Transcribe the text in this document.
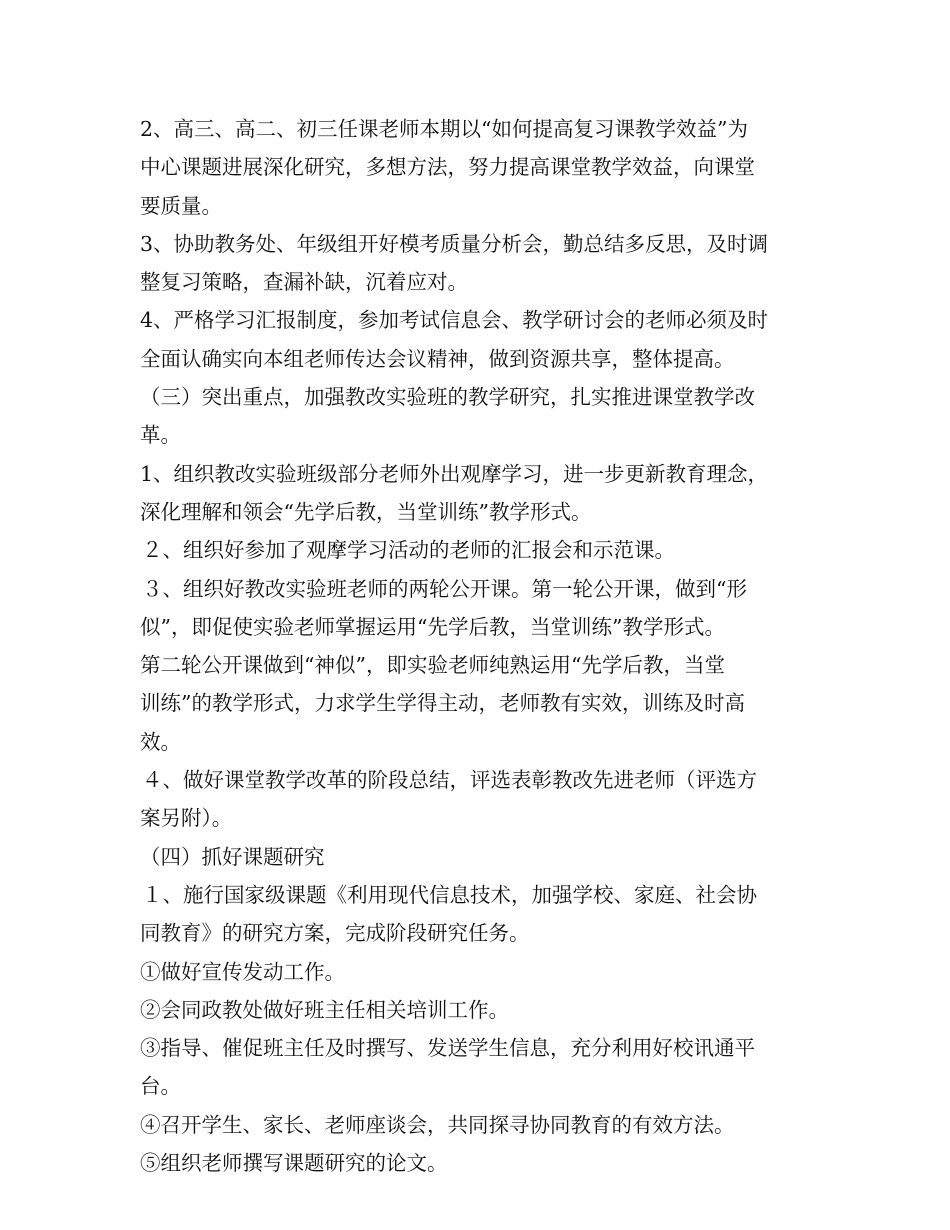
2、高三、高二、初三任课老师本期以“如何提高复习课教学效益”为
中心课题进展深化研究，多想方法，努力提高课堂教学效益，向课堂
要质量。
3、协助教务处、年级组开好模考质量分析会，勤总结多反思，及时调
整复习策略，查漏补缺，沉着应对。
4、严格学习汇报制度，参加考试信息会、教学研讨会的老师必须及时
全面认确实向本组老师传达会议精神，做到资源共享，整体提高。
（三）突出重点，加强教改实验班的教学研究，扎实推进课堂教学改
革。
1、组织教改实验班级部分老师外出观摩学习，进一步更新教育理念，
深化理解和领会“先学后教，当堂训练”教学形式。
２、组织好参加了观摩学习活动的老师的汇报会和示范课。
３、组织好教改实验班老师的两轮公开课。第一轮公开课，做到“形
似”，即促使实验老师掌握运用“先学后教，当堂训练”教学形式。
第二轮公开课做到“神似”，即实验老师纯熟运用“先学后教，当堂
训练”的教学形式，力求学生学得主动，老师教有实效，训练及时高
效。
４、做好课堂教学改革的阶段总结，评选表彰教改先进老师（评选方
案另附）。
（四）抓好课题研究
１、施行国家级课题《利用现代信息技术，加强学校、家庭、社会协
同教育》的研究方案，完成阶段研究任务。
①做好宣传发动工作。
②会同政教处做好班主任相关培训工作。
③指导、催促班主任及时撰写、发送学生信息，充分利用好校讯通平
台。
④召开学生、家长、老师座谈会，共同探寻协同教育的有效方法。
⑤组织老师撰写课题研究的论文。
